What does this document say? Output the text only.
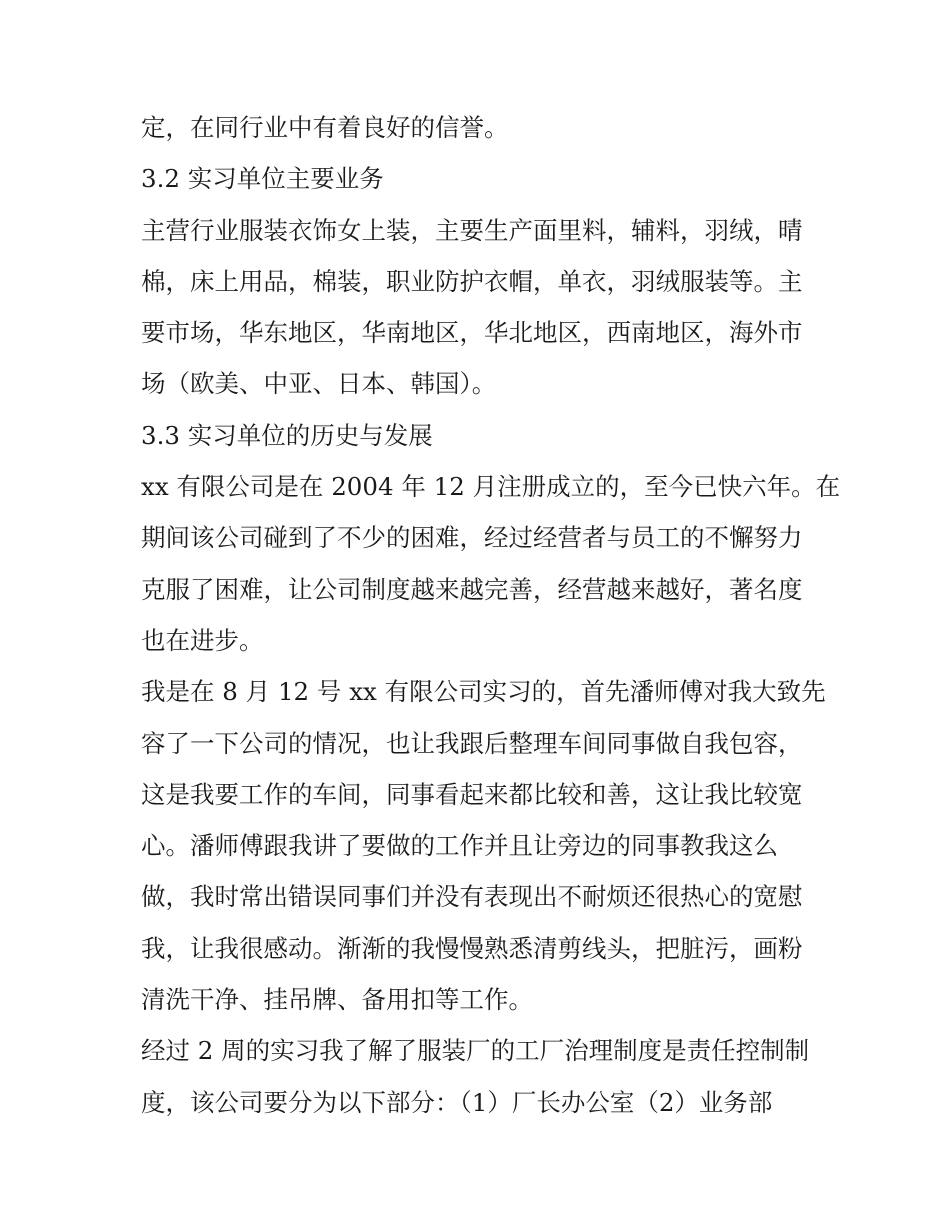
定，在同行业中有着良好的信誉。
3.2 实习单位主要业务
主营行业服装衣饰女上装，主要生产面里料，辅料，羽绒，晴
棉，床上用品，棉装，职业防护衣帽，单衣，羽绒服装等。主
要市场，华东地区，华南地区，华北地区，西南地区，海外市
场（欧美、中亚、日本、韩国）。
3.3 实习单位的历史与发展
xx 有限公司是在 2004 年 12 月注册成立的，至今已快六年。在
期间该公司碰到了不少的困难，经过经营者与员工的不懈努力
克服了困难，让公司制度越来越完善，经营越来越好，著名度
也在进步。
我是在 8 月 12 号 xx 有限公司实习的，首先潘师傅对我大致先
容了一下公司的情况，也让我跟后整理车间同事做自我包容，
这是我要工作的车间，同事看起来都比较和善，这让我比较宽
心。潘师傅跟我讲了要做的工作并且让旁边的同事教我这么
做，我时常出错误同事们并没有表现出不耐烦还很热心的宽慰
我，让我很感动。渐渐的我慢慢熟悉清剪线头，把脏污，画粉
清洗干净、挂吊牌、备用扣等工作。
经过 2 周的实习我了解了服装厂的工厂治理制度是责任控制制
度，该公司要分为以下部分：（1）厂长办公室（2）业务部
